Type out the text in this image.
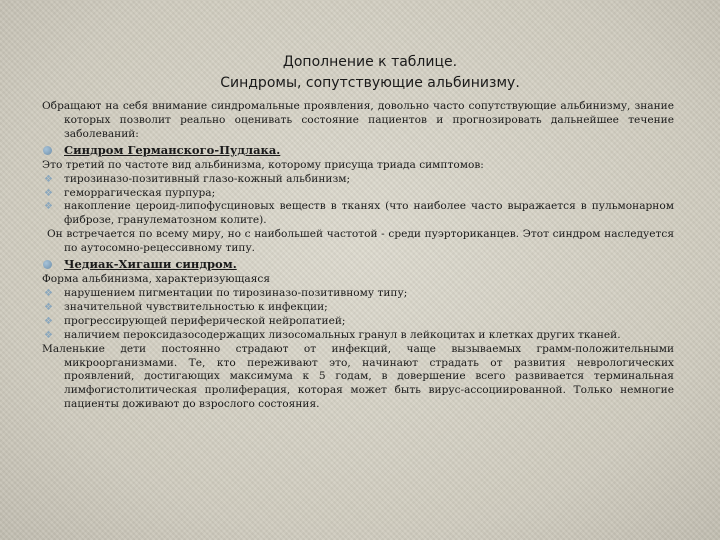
Дополнение к таблице.
Синдромы, сопутствующие альбинизму.

Обращают на себя внимание синдромальные проявления, довольно часто сопутствующие альбинизму, знание которых позволит реально оценивать состояние пациентов и прогнозировать дальнейшее течение заболеваний:

Синдром Германского-Пудлака.

Это третий по частоте вид альбинизма, которому присуща триада симптомов:

❖ тирозиназо-позитивный глазо-кожный альбинизм;
❖ геморрагическая пурпура;
❖ накопление цероид-липофусциновых веществ в тканях (что наиболее часто выражается в пульмонарном фиброзе, гранулематозном колите).

Он встречается по всему миру, но с наибольшей частотой - среди пуэрториканцев. Этот синдром наследуется по аутосомно-рецессивному типу.

Чедиак-Хигаши синдром.

Форма альбинизма, характеризующаяся

❖ нарушением пигментации по тирозиназо-позитивному типу;
❖ значительной чувствительностью к инфекции;
❖ прогрессирующей периферической нейропатией;
❖ наличием пероксидазосодержащих лизосомальных гранул в лейкоцитах и клетках других тканей.

Маленькие дети постоянно страдают от инфекций, чаще вызываемых грамм-положительными микроорганизмами. Те, кто переживают это, начинают страдать от развития неврологических проявлений, достигающих максимума к 5 годам, в довершение всего развивается терминальная лимфогистолитическая пролиферация, которая может быть вирус-ассоциированной. Только немногие пациенты доживают до взрослого состояния.
